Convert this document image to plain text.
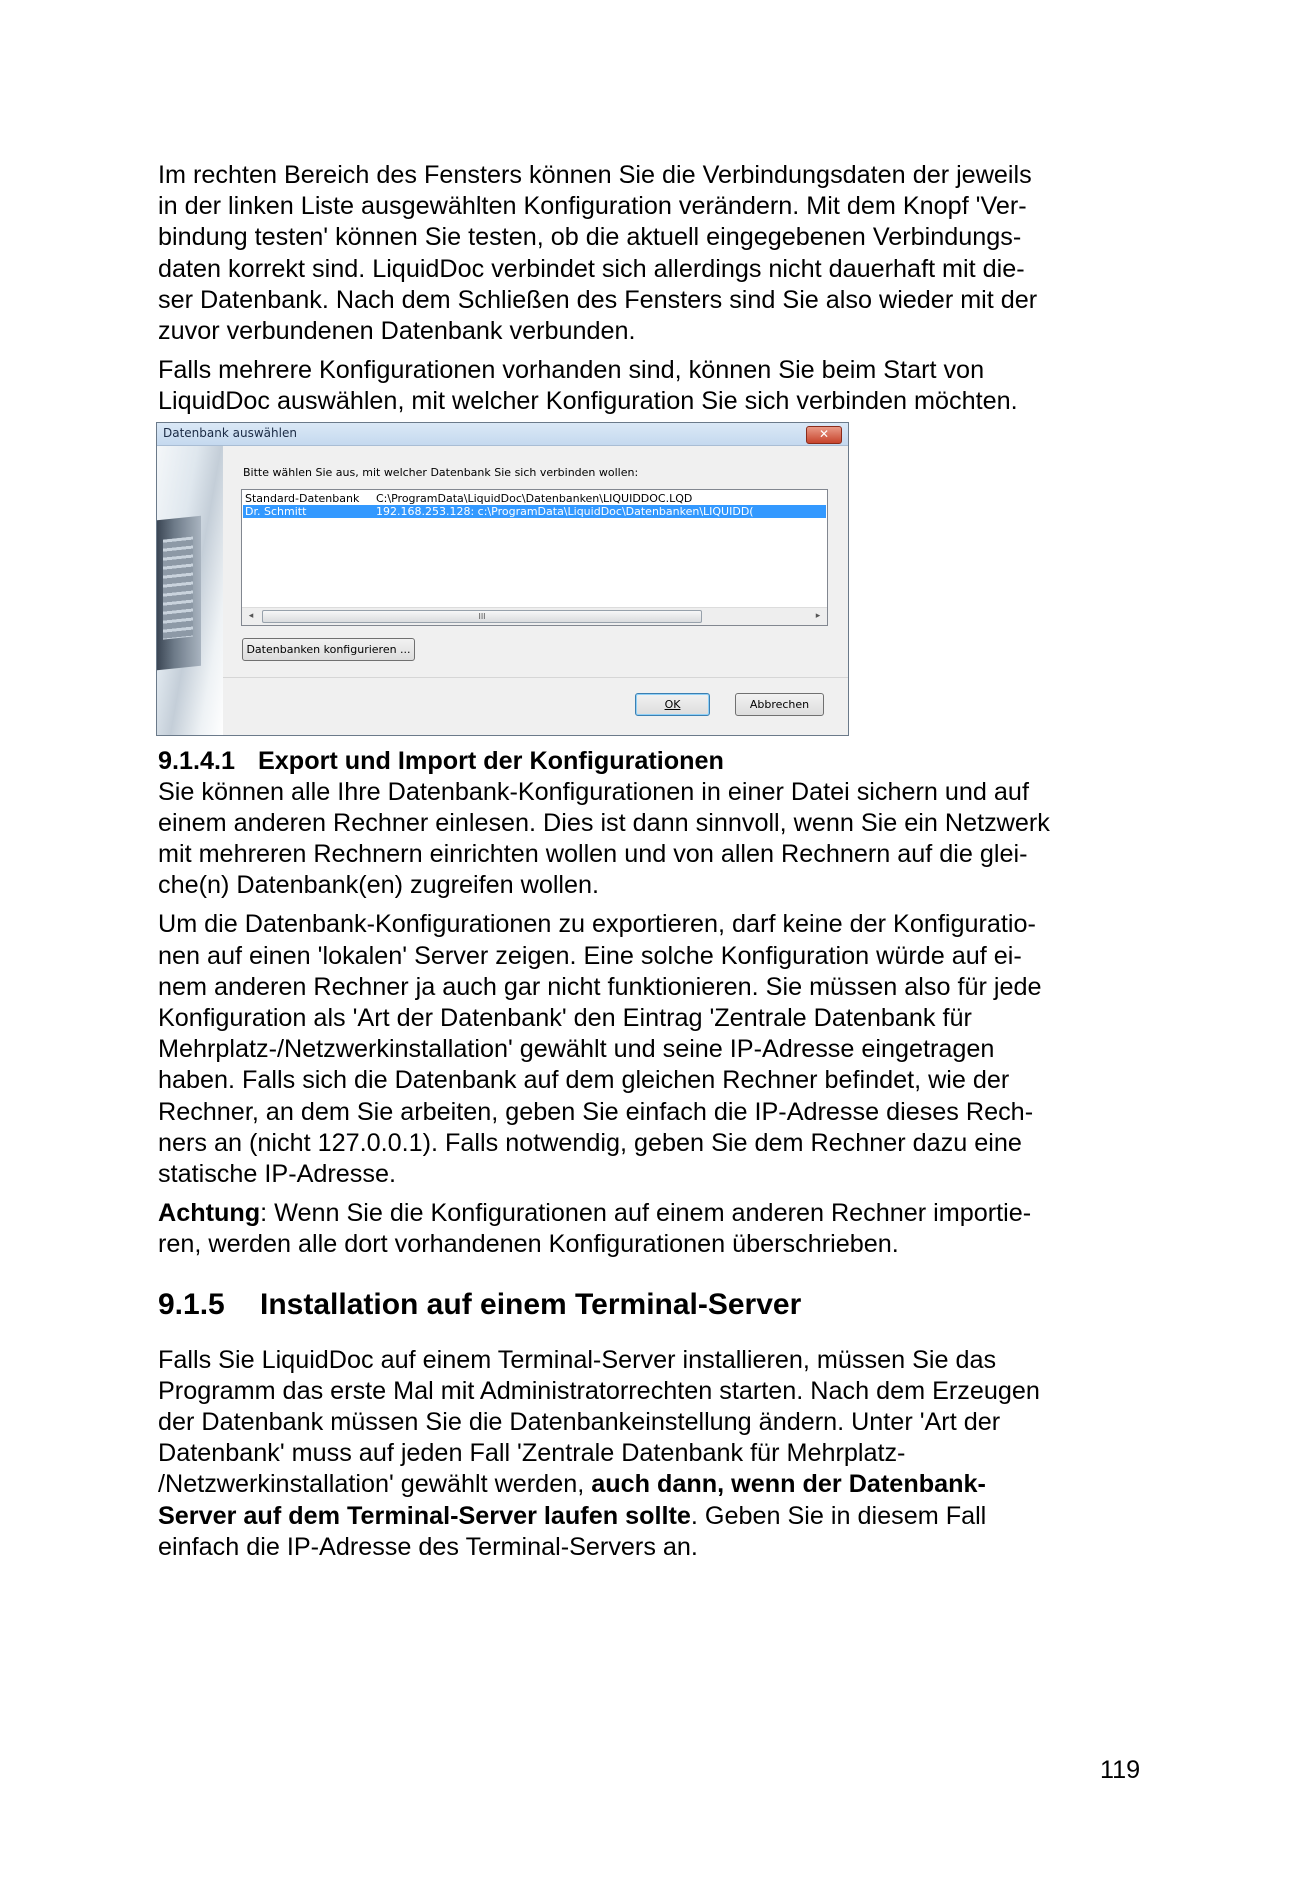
Im rechten Bereich des Fensters können Sie die Verbindungsdaten der jeweils
in der linken Liste ausgewählten Konfiguration verändern. Mit dem Knopf 'Ver-
bindung testen' können Sie testen, ob die aktuell eingegebenen Verbindungs-
daten korrekt sind. LiquidDoc verbindet sich allerdings nicht dauerhaft mit die-
ser Datenbank. Nach dem Schließen des Fensters sind Sie also wieder mit der
zuvor verbundenen Datenbank verbunden.

Falls mehrere Konfigurationen vorhanden sind, können Sie beim Start von
LiquidDoc auswählen, mit welcher Konfiguration Sie sich verbinden möchten.

Datenbank auswählen	✕
Bitte wählen Sie aus, mit welcher Datenbank Sie sich verbinden wollen:
Standard-Datenbank C:\ProgramData\LiquidDoc\Datenbanken\LIQUIDDOC.LQD
Dr. Schmitt	192.168.253.128: c:\ProgramData\LiquidDoc\Datenbanken\LIQUIDD(
◂	III	▸
Datenbanken konfigurieren ...
OK	Abbrechen
9.1.4.1 Export und Import der Konfigurationen

Sie können alle Ihre Datenbank-Konfigurationen in einer Datei sichern und auf
einem anderen Rechner einlesen. Dies ist dann sinnvoll, wenn Sie ein Netzwerk
mit mehreren Rechnern einrichten wollen und von allen Rechnern auf die glei-
che(n) Datenbank(en) zugreifen wollen.

Um die Datenbank-Konfigurationen zu exportieren, darf keine der Konfiguratio-
nen auf einen 'lokalen' Server zeigen. Eine solche Konfiguration würde auf ei-
nem anderen Rechner ja auch gar nicht funktionieren. Sie müssen also für jede
Konfiguration als 'Art der Datenbank' den Eintrag 'Zentrale Datenbank für
Mehrplatz-/Netzwerkinstallation' gewählt und seine IP-Adresse eingetragen
haben. Falls sich die Datenbank auf dem gleichen Rechner befindet, wie der
Rechner, an dem Sie arbeiten, geben Sie einfach die IP-Adresse dieses Rech-
ners an (nicht 127.0.0.1). Falls notwendig, geben Sie dem Rechner dazu eine
statische IP-Adresse.

Achtung: Wenn Sie die Konfigurationen auf einem anderen Rechner importie-
ren, werden alle dort vorhandenen Konfigurationen überschrieben.

9.1.5 Installation auf einem Terminal-Server

Falls Sie LiquidDoc auf einem Terminal-Server installieren, müssen Sie das
Programm das erste Mal mit Administratorrechten starten. Nach dem Erzeugen
der Datenbank müssen Sie die Datenbankeinstellung ändern. Unter 'Art der
Datenbank' muss auf jeden Fall 'Zentrale Datenbank für Mehrplatz-
/Netzwerkinstallation' gewählt werden, auch dann, wenn der Datenbank-
Server auf dem Terminal-Server laufen sollte. Geben Sie in diesem Fall
einfach die IP-Adresse des Terminal-Servers an.

119
